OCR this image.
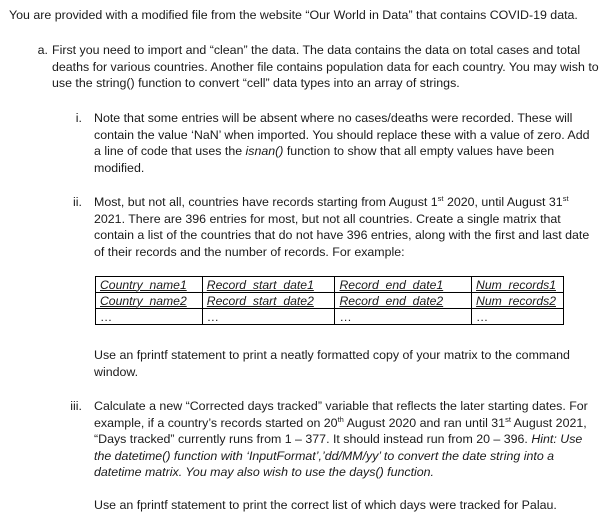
You are provided with a modified file from the website “Our World in Data” that contains COVID-19 data.

a. First you need to import and “clean” the data. The data contains the data on total cases and total deaths for various countries. Another file contains population data for each country. You may wish to use the string() function to convert “cell” data types into an array of strings.

i. Note that some entries will be absent where no cases/deaths were recorded. These will contain the value ‘NaN’ when imported. You should replace these with a value of zero. Add a line of code that uses the isnan() function to show that all empty values have been modified.

ii. Most, but not all, countries have records starting from August 1st 2020, until August 31st 2021. There are 396 entries for most, but not all countries. Create a single matrix that contain a list of the countries that do not have 396 entries, along with the first and last date of their records and the number of records. For example:

Country_name1	Record_start_date1	Record_end_date1	Num_records1
Country_name2	Record_start_date2	Record_end_date2	Num_records2
…	…	…	…

Use an fprintf statement to print a neatly formatted copy of your matrix to the command window.

iii. Calculate a new “Corrected days tracked” variable that reflects the later starting dates. For example, if a country’s records started on 20th August 2020 and ran until 31st August 2021, “Days tracked” currently runs from 1 – 377. It should instead run from 20 – 396. Hint: Use the datetime() function with ‘InputFormat’,’dd/MM/yy’ to convert the date string into a datetime matrix. You may also wish to use the days() function.

Use an fprintf statement to print the correct list of which days were tracked for Palau.
